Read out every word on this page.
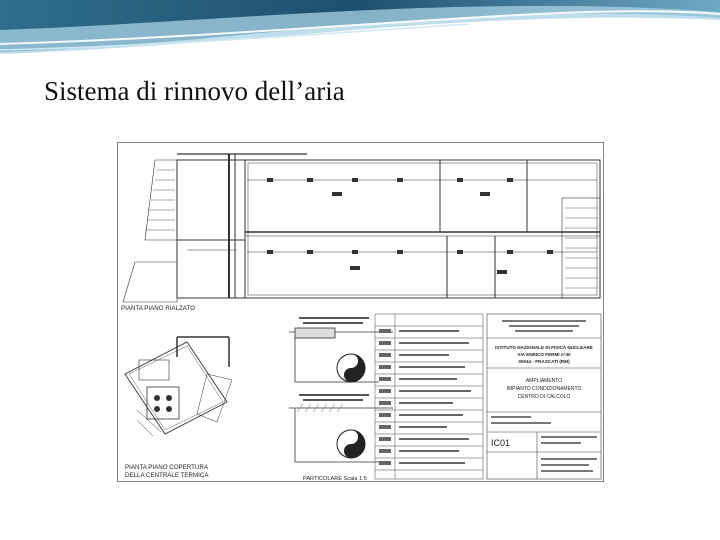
Sistema di rinnovo dell’aria
PIANTA PIANO RIALZATO
PIANTA PIANO COPERTURA
DELLA CENTRALE TERMICA	PARTICOLARE Scala 1:5
ISTITUTO NAZIONALE DI FISICA NUCLEARE
VIA ENRICO FERMI n°40
00044 - FRASCATI (RM)
AMPLIAMENTO
IMPIANTO CONDIZIONAMENTO
CENTRO DI CALCOLO
IC01
